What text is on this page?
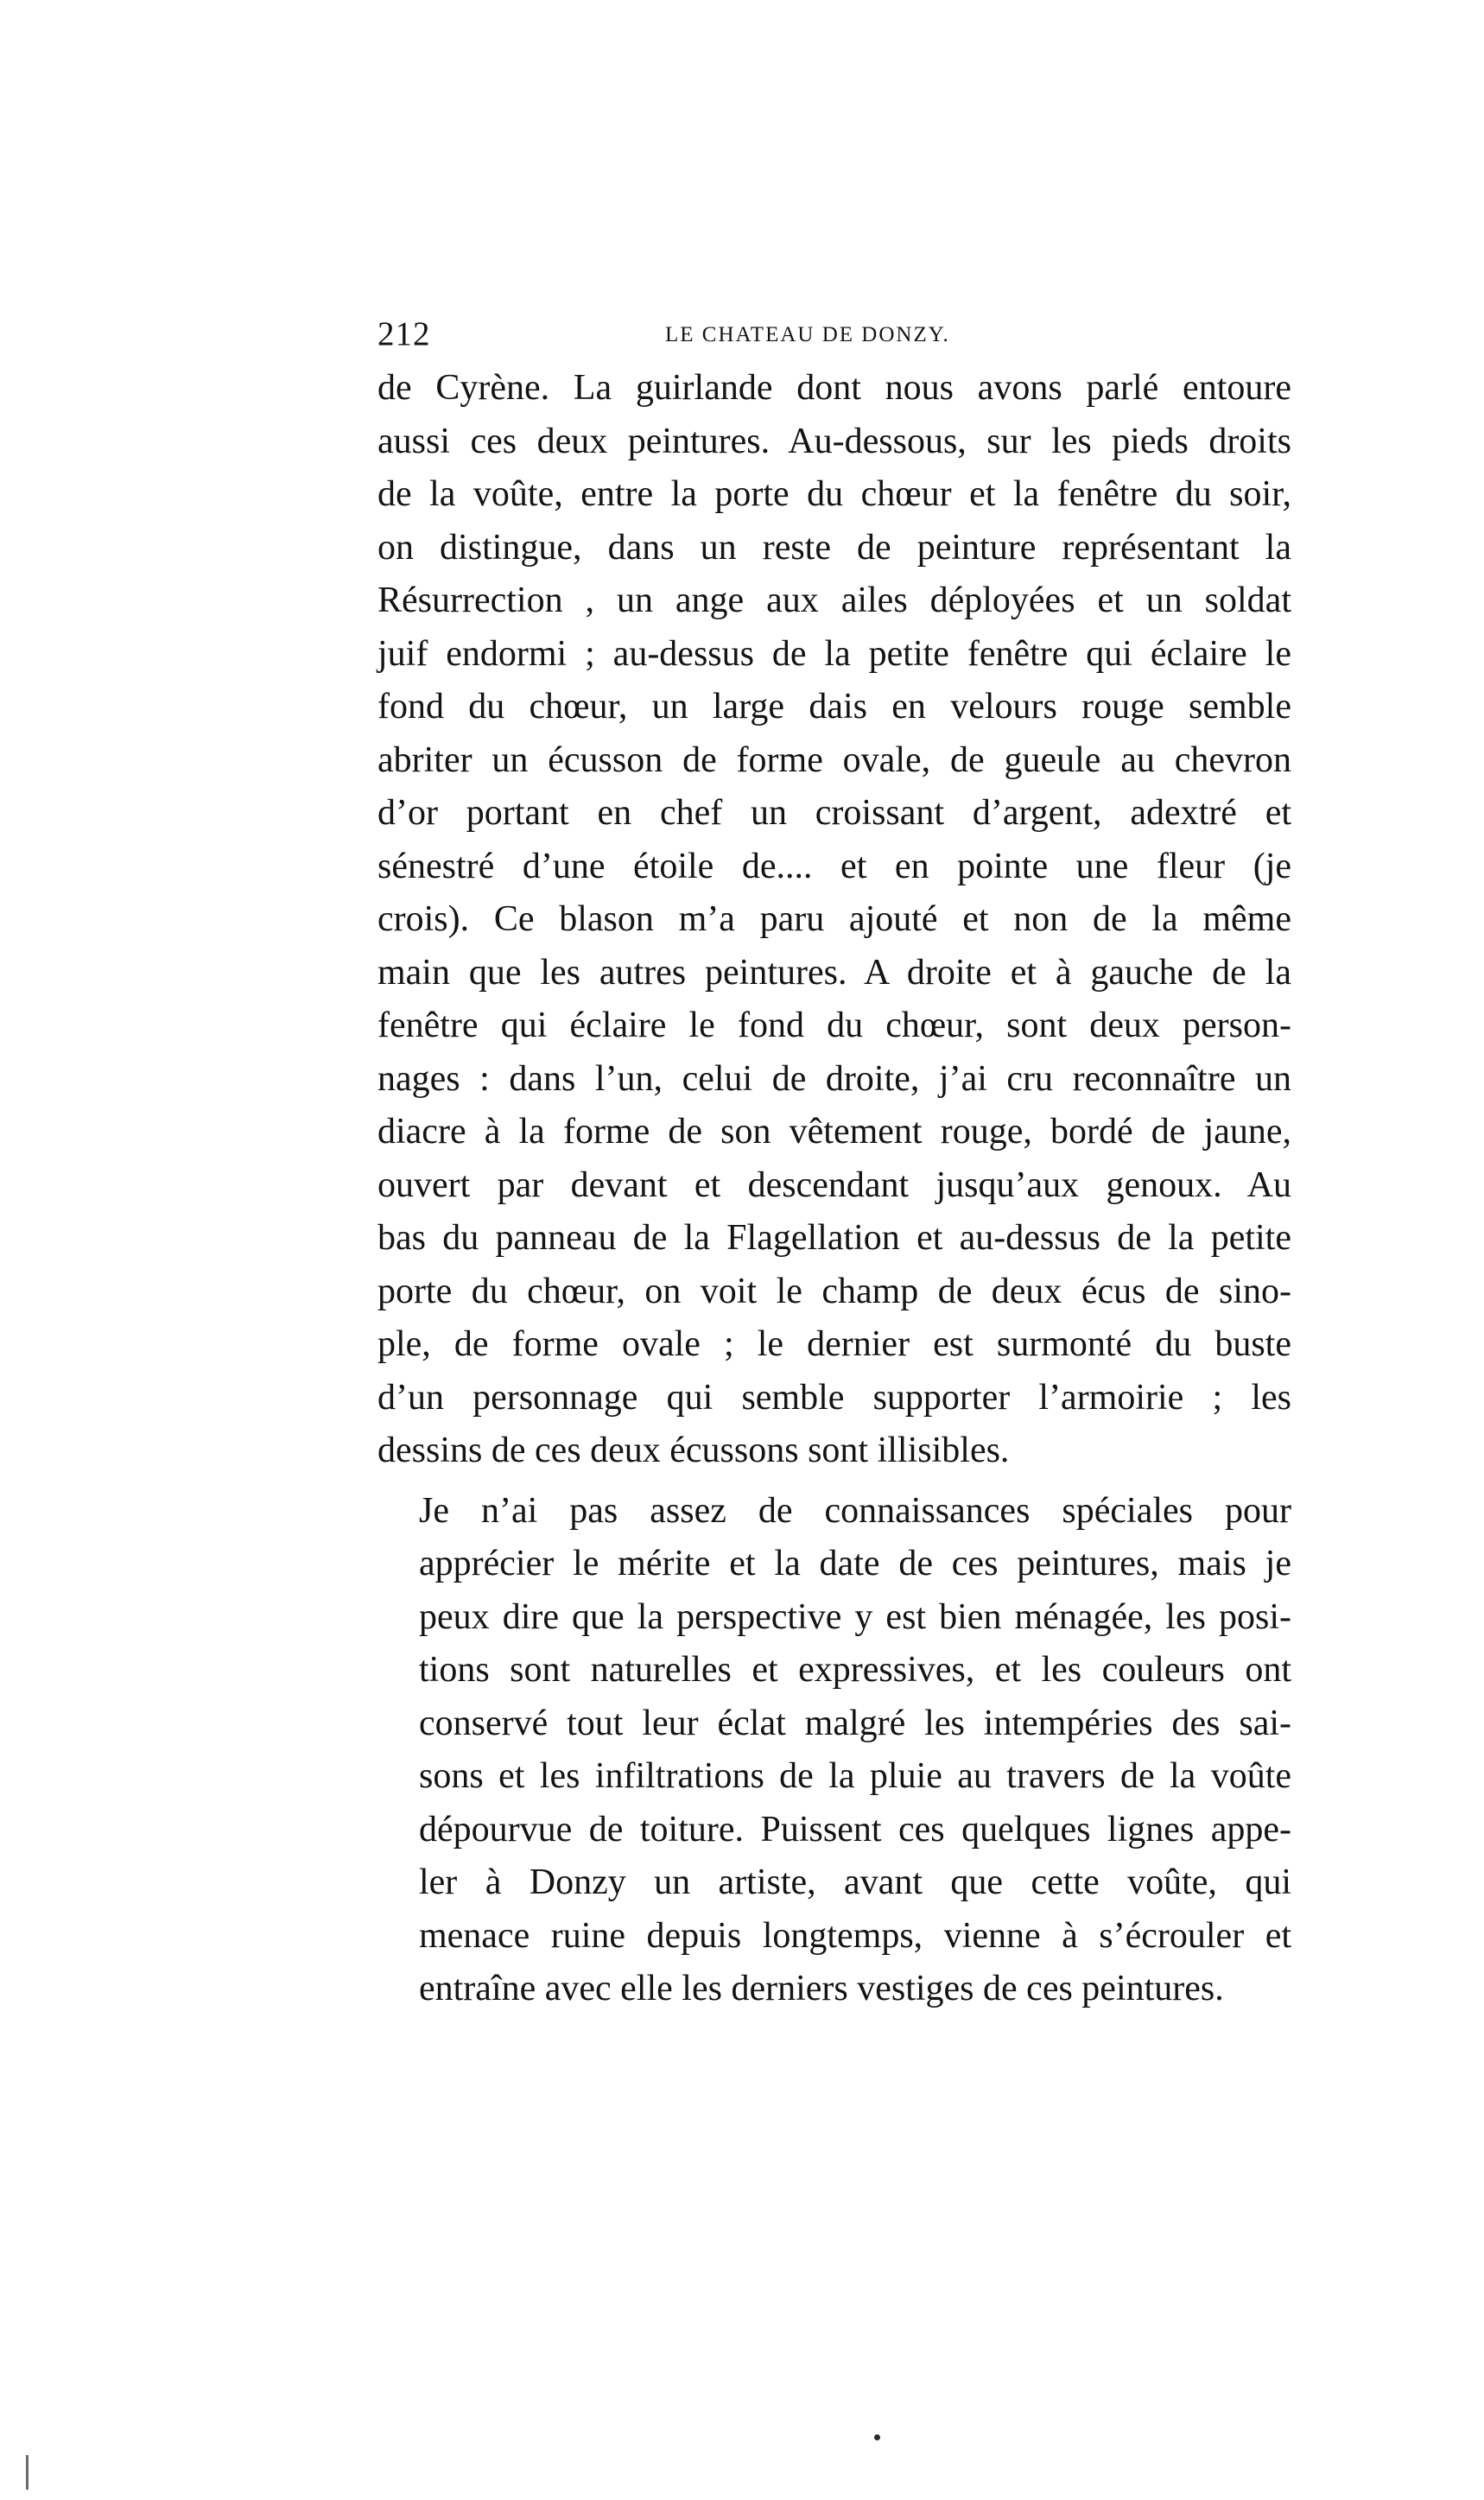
212	LE CHATEAU DE DONZY.

de Cyrène. La guirlande dont nous avons parlé entoure
aussi ces deux peintures. Au-dessous, sur les pieds droits
de la voûte, entre la porte du chœur et la fenêtre du soir,
on distingue, dans un reste de peinture représentant la
Résurrection , un ange aux ailes déployées et un soldat
juif endormi ; au-dessus de la petite fenêtre qui éclaire le
fond du chœur, un large dais en velours rouge semble
abriter un écusson de forme ovale, de gueule au chevron
d’or portant en chef un croissant d’argent, adextré et
sénestré d’une étoile de.... et en pointe une fleur (je
crois). Ce blason m’a paru ajouté et non de la même
main que les autres peintures. A droite et à gauche de la
fenêtre qui éclaire le fond du chœur, sont deux person-
nages : dans l’un, celui de droite, j’ai cru reconnaître un
diacre à la forme de son vêtement rouge, bordé de jaune,
ouvert par devant et descendant jusqu’aux genoux. Au
bas du panneau de la Flagellation et au-dessus de la petite
porte du chœur, on voit le champ de deux écus de sino-
ple, de forme ovale ; le dernier est surmonté du buste
d’un personnage qui semble supporter l’armoirie ; les
dessins de ces deux écussons sont illisibles.

Je n’ai pas assez de connaissances spéciales pour
apprécier le mérite et la date de ces peintures, mais je
peux dire que la perspective y est bien ménagée, les posi-
tions sont naturelles et expressives, et les couleurs ont
conservé tout leur éclat malgré les intempéries des sai-
sons et les infiltrations de la pluie au travers de la voûte
dépourvue de toiture. Puissent ces quelques lignes appe-
ler à Donzy un artiste, avant que cette voûte, qui
menace ruine depuis longtemps, vienne à s’écrouler et
entraîne avec elle les derniers vestiges de ces peintures.
